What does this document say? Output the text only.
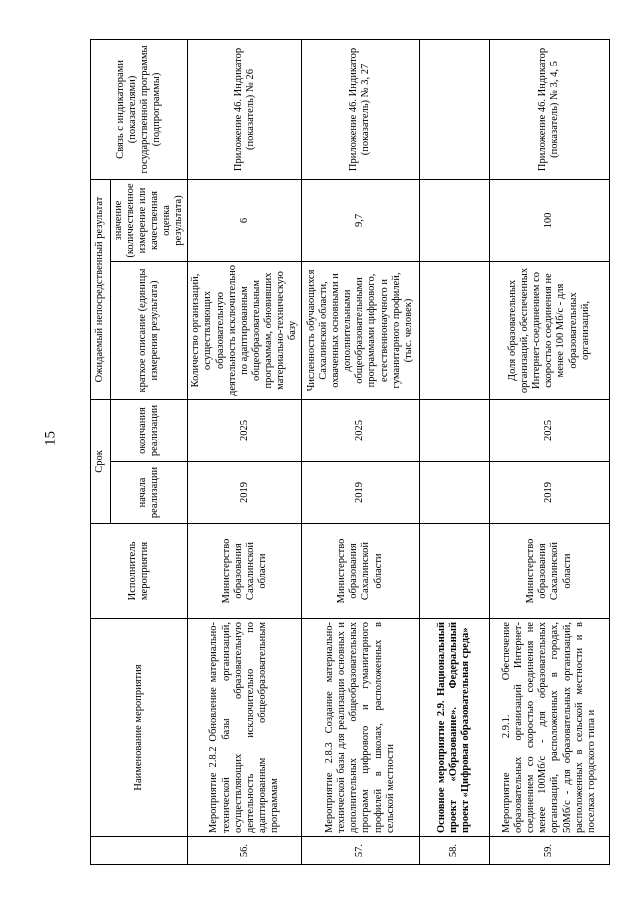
15
	Наименование мероприятия	Исполнитель мероприятия	Срок		Ожидаемый непосредственный результат		Связь с индикаторами (показателями) государственной программы (подпрограммы)
			начала реализации	окончания реализации	краткое описание (единицы измерения результата)	значение (количественное измерение или качественная оценка результата)	

56.	Мероприятие 2.8.2 Обновление материально-технической базы организаций, осуществляющих образовательную деятельность исключительно по адаптированным общеобразовательным программам	Министерство образования Сахалинской области	2019	2025	Количество организаций, осуществляющих образовательную деятельность исключительно по адаптированным общеобразовательным программам, обновивших материально-техническую базу	6	Приложение 46. Индикатор (показатель) № 26
57.	Мероприятие 2.8.3 Создание материально-технической базы для реализации основных и дополнительных общеобразовательных программ цифрового и гуманитарного профилей в школах, расположенных в сельской местности	Министерство образования Сахалинской области	2019	2025	Численность обучающихся Сахалинской области, охваченных основными и дополнительными общеобразовательными программами цифрового, естественнонаучного и гуманитарного профилей, (тыс. человек)	9,7	Приложение 46. Индикатор (показатель) № 3, 27
58.	Основное мероприятие 2.9. Национальный проект «Образование». Федеральный проект «Цифровая образовательная среда»						
59.	Мероприятие 2.9.1. Обеспечение образовательных организаций Интернет-соединением со скоростью соединения не менее 100Мб/с - для образовательных организаций, расположенных в городах, 50Мб/c - для образовательных организаций, расположенных в сельской местности и в поселках городского типа и	Министерство образования Сахалинской области	2019	2025	Доля образовательных организаций, обеспеченных Интернет-соединением со скоростью соединения не менее 100 Мб/с - для образовательных организаций,	100	Приложение 46. Индикатор (показатель) № 3, 4, 5
